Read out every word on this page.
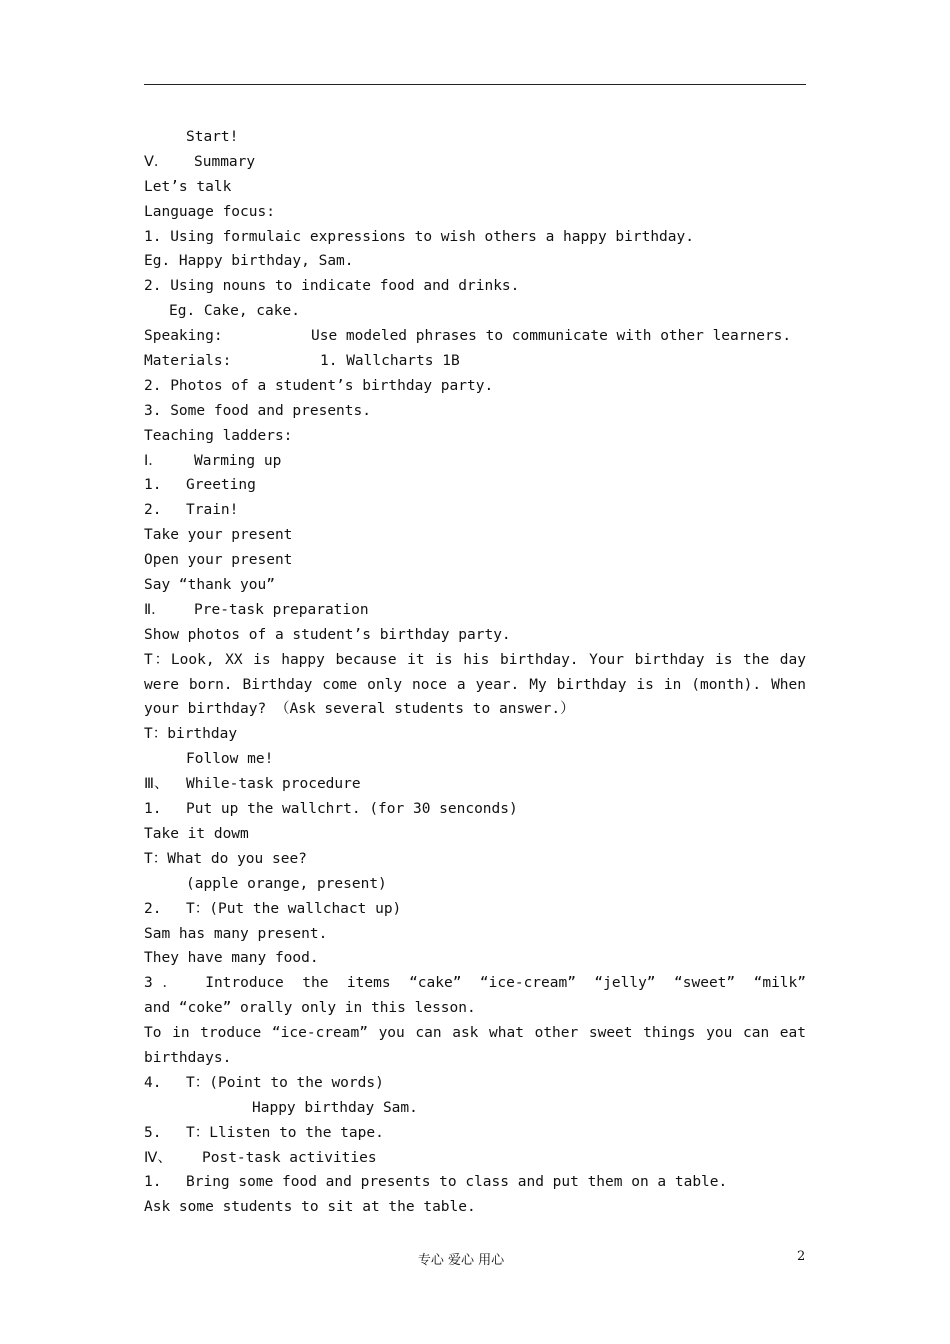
Start!
Ⅴ． Summary
Let’s talk
Language focus:
1. Using formulaic expressions to wish others a happy birthday.
Eg. Happy birthday, Sam.
2. Using nouns to indicate food and drinks.
Eg. Cake, cake.
Speaking:	Use modeled phrases to communicate with other learners.
Materials:	1. Wallcharts 1B
2. Photos of a student’s birthday party.
3. Some food and presents.
Teaching ladders:
Ⅰ． Warming up
1. Greeting
2. Train!
Take your present
Open your present
Say “thank you”
Ⅱ． Pre-task preparation
Show photos of a student’s birthday party.
T：Look, XX is happy because it is his birthday. Your birthday is the day
were born. Birthday come only noce a year. My birthday is in (month). When
your birthday? （Ask several students to answer.）
T：birthday
Follow me!
Ⅲ、 While-task procedure
1. Put up the wallchrt. (for 30 senconds)
Take it dowm
T：What do you see?
(apple orange, present)
2. T：(Put the wallchact up)
Sam has many present.
They have many food.
3． Introduce the items “cake” “ice-cream” “jelly” “sweet” “milk”
and “coke” orally only in this lesson.
To in troduce “ice-cream” you can ask what other sweet things you can eat
birthdays.
4. T：(Point to the words)
Happy birthday Sam.
5. T：Llisten to the tape.
Ⅳ、 Post-task activities
1. Bring some food and presents to class and put them on a table.
Ask some students to sit at the table.
专心 爱心 用心	2
